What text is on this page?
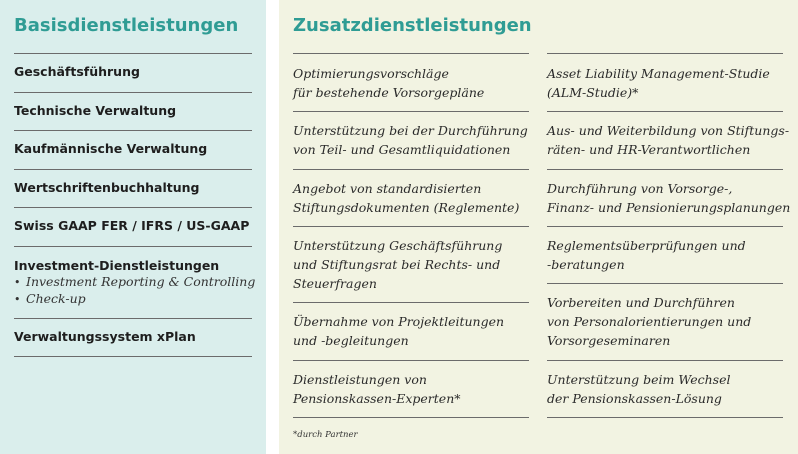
Basisdienstleistungen
Geschäftsführung
Technische Verwaltung
Kaufmännische Verwaltung
Wertschriftenbuchhaltung
Swiss GAAP FER / IFRS / US-GAAP
Investment-Dienstleistungen
• Investment Reporting & Controlling
• Check-up
Verwaltungssystem xPlan
Zusatzdienstleistungen
Optimierungsvorschläge
für bestehende Vorsorgepläne
Unterstützung bei der Durchführung
von Teil- und Gesamtliquidationen
Angebot von standardisierten
Stiftungsdokumenten (Reglemente)
Unterstützung Geschäftsführung
und Stiftungsrat bei Rechts- und
Steuerfragen
Übernahme von Projektleitungen
und -begleitungen
Dienstleistungen von
Pensionskassen-Experten*
Asset Liability Management-Studie
(ALM-Studie)*
Aus- und Weiterbildung von Stiftungs-
räten- und HR-Verantwortlichen
Durchführung von Vorsorge-,
Finanz- und Pensionierungsplanungen
Reglementsüberprüfungen und
-beratungen
Vorbereiten und Durchführen
von Personalorientierungen und
Vorsorgeseminaren
Unterstützung beim Wechsel
der Pensionskassen-Lösung
*durch Partner
